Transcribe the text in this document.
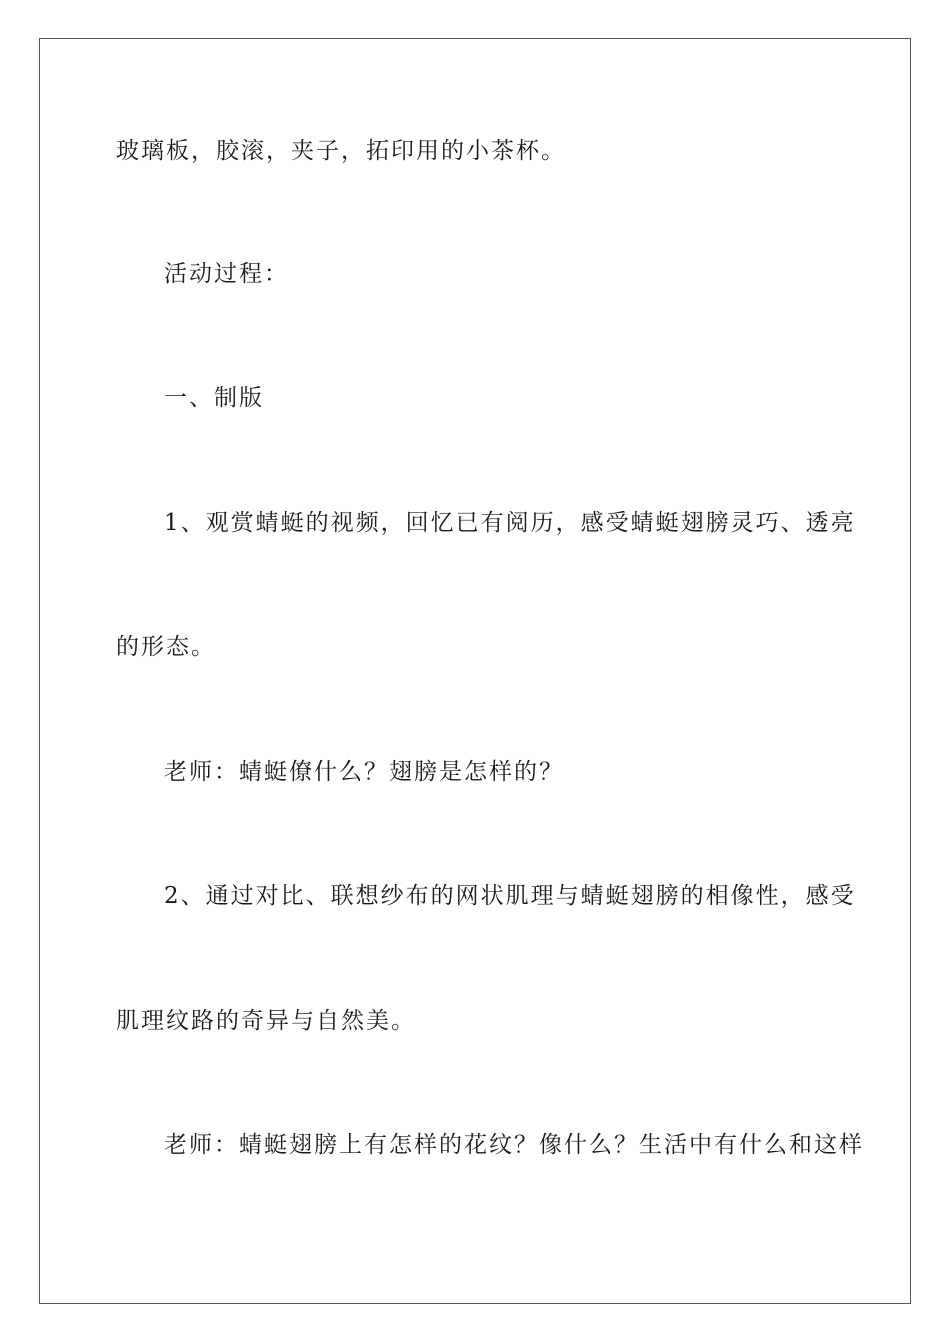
玻璃板，胶滚，夹子，拓印用的小茶杯。
活动过程：
一、制版
1、观赏蜻蜓的视频，回忆已有阅历，感受蜻蜓翅膀灵巧、透亮
的形态。
老师：蜻蜓僚什么？翅膀是怎样的？
2、通过对比、联想纱布的网状肌理与蜻蜓翅膀的相像性，感受
肌理纹路的奇异与自然美。
老师：蜻蜓翅膀上有怎样的花纹？像什么？生活中有什么和这样
